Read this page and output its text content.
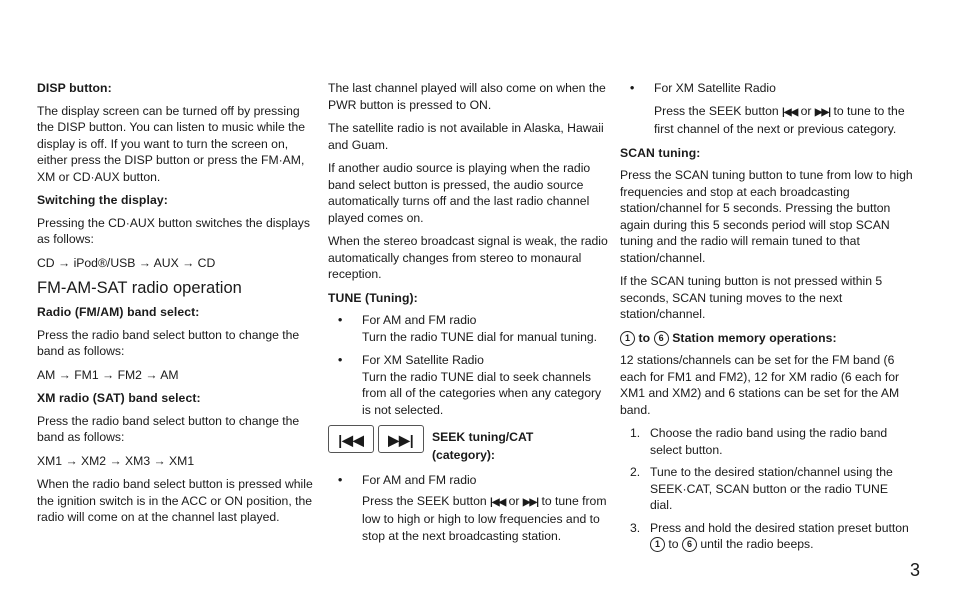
DISP button:

The display screen can be turned off by pressing the DISP button. You can listen to music while the display is off. If you want to turn the screen on, either press the DISP button or press the FM·AM, XM or CD·AUX button.

Switching the display:

Pressing the CD·AUX button switches the displays as follows:

CD → iPod®/USB → AUX → CD

FM-AM-SAT radio operation
Radio (FM/AM) band select:

Press the radio band select button to change the band as follows:

AM → FM1 → FM2 → AM

XM radio (SAT) band select:

Press the radio band select button to change the band as follows:

XM1 → XM2 → XM3 → XM1

When the radio band select button is pressed while the ignition switch is in the ACC or ON position, the radio will come on at the channel last played.

The last channel played will also come on when the PWR button is pressed to ON.

The satellite radio is not available in Alaska, Hawaii and Guam.

If another audio source is playing when the radio band select button is pressed, the audio source automatically turns off and the last radio channel played comes on.

When the stereo broadcast signal is weak, the radio automatically changes from stereo to monaural reception.

TUNE (Tuning):
• For AM and FM radio
Turn the radio TUNE dial for manual tuning.
• For XM Satellite Radio
Turn the radio TUNE dial to seek channels from all of the categories when any category is not selected.
|◀◀	▶▶|	SEEK tuning/CAT (category):
• For AM and FM radio
Press the SEEK button |◀◀ or ▶▶| to tune from low to high or high to low frequencies and to stop at the next broadcasting station.
• For XM Satellite Radio
Press the SEEK button |◀◀ or ▶▶| to tune to the first channel of the next or previous category.
SCAN tuning:

Press the SCAN tuning button to tune from low to high frequencies and stop at each broadcasting station/channel for 5 seconds. Pressing the button again during this 5 seconds period will stop SCAN tuning and the radio will remain tuned to that station/channel.

If the SCAN tuning button is not pressed within 5 seconds, SCAN tuning moves to the next station/channel.

1 to 6 Station memory operations:

12 stations/channels can be set for the FM band (6 each for FM1 and FM2), 12 for XM radio (6 each for XM1 and XM2) and 6 stations can be set for the AM band.

1. Choose the radio band using the radio band select button.
2. Tune to the desired station/channel using the SEEK·CAT, SCAN button or the radio TUNE dial.
3. Press and hold the desired station preset button 1 to 6 until the radio beeps.
3
